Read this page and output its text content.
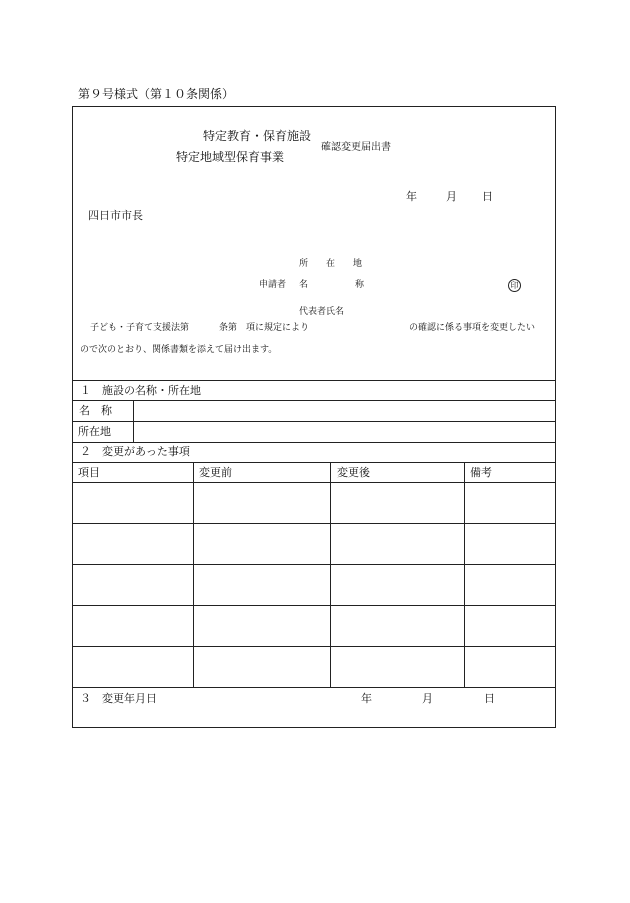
第９号様式（第１０条関係）
特定教育・保育施設
特定地域型保育事業
確認変更届出書
年	月 日
四日市市長
所　　在　　地
申請者 名	称	印
代表者氏名
子ども・子育て支援法第	条第　項に規定により	の確認に係る事項を変更したい
ので次のとおり、関係書類を添えて届け出ます。
１　施設の名称・所在地
名　称
所在地
２　変更があった事項
項目	変更前	変更後	備考
３　変更年月日	年	月	日
